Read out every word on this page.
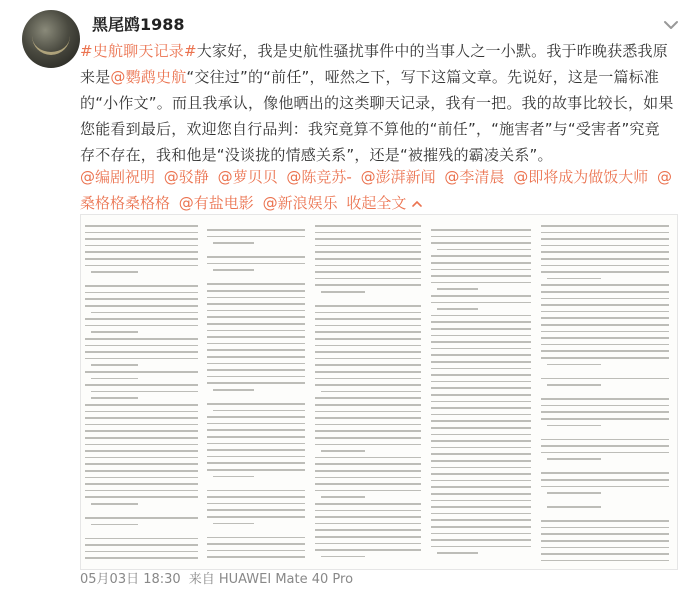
黑尾鸥1988
#史航聊天记录#大家好，我是史航性骚扰事件中的当事人之一小默。我于昨晚获悉我原来是@鹦鹉史航“交往过”的“前任”，哑然之下，写下这篇文章。先说好，这是一篇标准的“小作文”。而且我承认，像他晒出的这类聊天记录，我有一把。我的故事比较长，如果您能看到最后，欢迎您自行品判：我究竟算不算他的“前任”，“施害者”与“受害者”究竟存不存在，我和他是“没谈拢的情感关系”，还是“被摧残的霸凌关系”。
@编剧祝明 @驳静 @萝贝贝 @陈竞苏- @澎湃新闻 @李清晨 @即将成为做饭大师 @桑格格桑格格 @有盐电影 @新浪娱乐 收起全文
05月03日 18:30 来自 HUAWEI Mate 40 Pro
